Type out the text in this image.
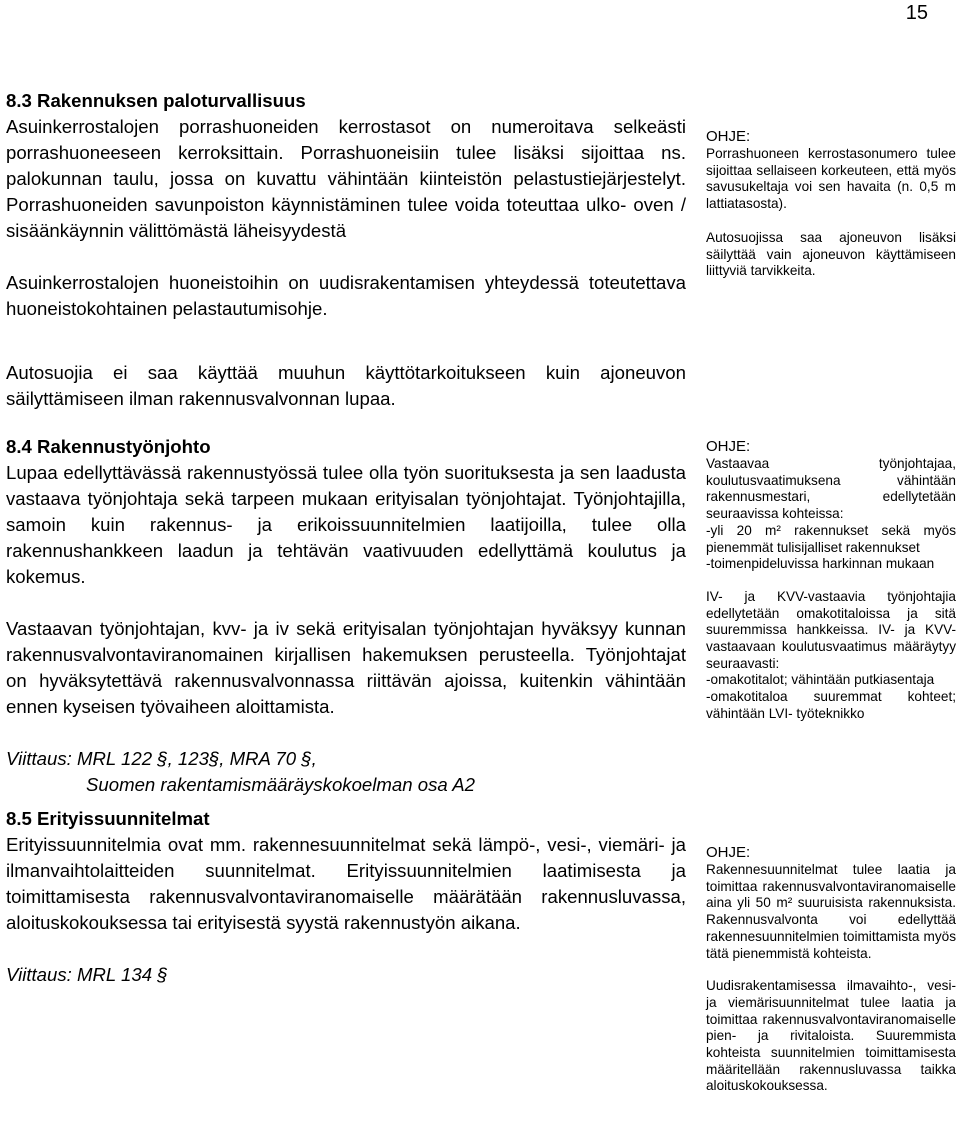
15
8.3 Rakennuksen paloturvallisuus

Asuinkerrostalojen porrashuoneiden kerrostasot on numeroitava selkeästi porrashuoneeseen kerroksittain. Porrashuoneisiin tulee lisäksi sijoittaa ns. palokunnan taulu, jossa on kuvattu vähintään kiinteistön pelastustiejärjestelyt. Porrashuoneiden savunpoiston käynnistäminen tulee voida toteuttaa ulko- oven / sisäänkäynnin välittömästä läheisyydestä

Asuinkerrostalojen huoneistoihin on uudisrakentamisen yhteydessä toteutettava huoneistokohtainen pelastautumisohje.

OHJE:

Porrashuoneen kerrostasonumero tulee sijoittaa sellaiseen korkeuteen, että myös savusukeltaja voi sen havaita (n. 0,5 m lattiatasosta).

Autosuojissa saa ajoneuvon lisäksi säilyttää vain ajoneuvon käyttämiseen liittyviä tarvikkeita.

Autosuojia ei saa käyttää muuhun käyttötarkoitukseen kuin ajoneuvon säilyttämiseen ilman rakennusvalvonnan lupaa.
8.4 Rakennustyönjohto

Lupaa edellyttävässä rakennustyössä tulee olla työn suorituksesta ja sen laadusta vastaava työnjohtaja sekä tarpeen mukaan erityisalan työnjohtajat. Työnjohtajilla, samoin kuin rakennus- ja erikoissuunnitelmien laatijoilla, tulee olla rakennushankkeen laadun ja tehtävän vaativuuden edellyttämä koulutus ja kokemus.

Vastaavan työnjohtajan, kvv- ja iv sekä erityisalan työnjohtajan hyväksyy kunnan rakennusvalvontaviranomainen kirjallisen hakemuksen perusteella. Työnjohtajat on hyväksytettävä rakennusvalvonnassa riittävän ajoissa, kuitenkin vähintään ennen kyseisen työvaiheen aloittamista.

Viittaus: MRL 122 §, 123§, MRA 70 §,

Suomen rakentamismääräyskokoelman osa A2

OHJE:

Vastaavaa työnjohtajaa, koulutusvaatimuksena vähintään rakennusmestari, edellytetään seuraavissa kohteissa:

-yli 20 m² rakennukset sekä myös pienemmät tulisijalliset rakennukset

-toimenpideluvissa harkinnan mukaan

IV- ja KVV-vastaavia työnjohtajia edellytetään omakotitaloissa ja sitä suuremmissa hankkeissa. IV- ja KVV- vastaavaan koulutusvaatimus määräytyy seuraavasti:

-omakotitalot; vähintään putkiasentaja

-omakotitaloa suuremmat kohteet; vähintään LVI- työteknikko

8.5 Erityissuunnitelmat

Erityissuunnitelmia ovat mm. rakennesuunnitelmat sekä lämpö-, vesi-, viemäri- ja ilmanvaihtolaitteiden suunnitelmat. Erityissuunnitelmien laatimisesta ja toimittamisesta rakennusvalvontaviranomaiselle määrätään rakennusluvassa, aloituskokouksessa tai erityisestä syystä rakennustyön aikana.

Viittaus: MRL 134 §

OHJE:

Rakennesuunnitelmat tulee laatia ja toimittaa rakennusvalvontaviranomaiselle aina yli 50 m² suuruisista rakennuksista. Rakennusvalvonta voi edellyttää rakennesuunnitelmien toimittamista myös tätä pienemmistä kohteista.

Uudisrakentamisessa ilmavaihto-, vesi- ja viemärisuunnitelmat tulee laatia ja toimittaa rakennusvalvontaviranomaiselle pien- ja rivitaloista. Suuremmista kohteista suunnitelmien toimittamisesta määritellään rakennusluvassa taikka aloituskokouksessa.
